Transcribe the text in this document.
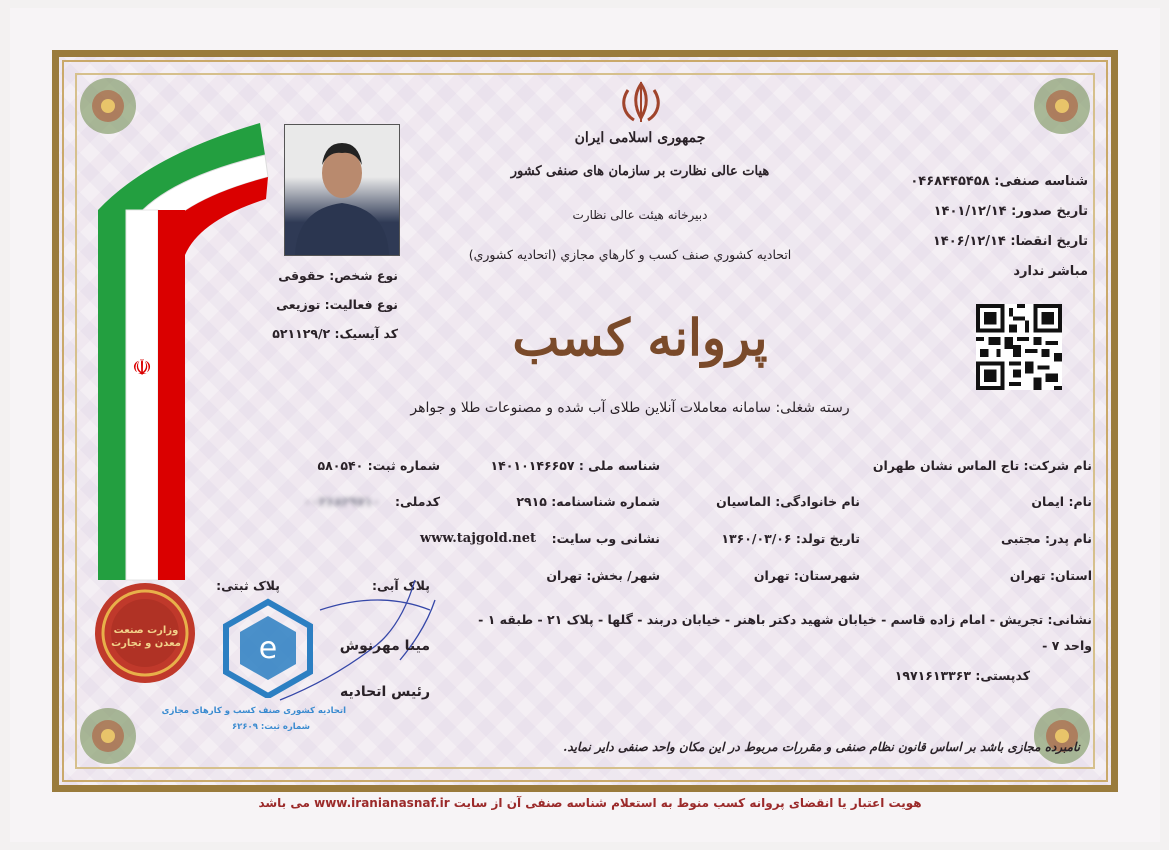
☫
وزارت صنعت معدن و تجارت
جمهوری اسلامی ایران
هیات عالی نظارت بر سازمان های صنفی کشور
دبیرخانه هیئت عالی نظارت
اتحاديه كشوري صنف كسب و كارهاي مجازي (اتحاديه كشوري)
پروانه کسب
رسته شغلی: سامانه معاملات آنلاین طلای آب شده و مصنوعات طلا و جواهر
نوع شخص: حقوقی
نوع فعالیت: توزیعی
کد آیسیک: ۵۲۱۱۲۹/۲
شناسه صنفی: ۰۴۶۸۴۴۵۴۵۸
تاریخ صدور: ۱۴۰۱/۱۲/۱۴
تاریخ انقضا: ۱۴۰۶/۱۲/۱۴
مباشر ندارد
نام شرکت: تاج الماس نشان طهران
شناسه ملی : ۱۴۰۱۰۱۴۶۶۵۷
شماره ثبت: ۵۸۰۵۴۰
نام: ایمان
نام خانوادگی: الماسیان
شماره شناسنامه: ۲۹۱۵
کدملی:
۰۰۲۶۸۲۹۷۱۰
نام پدر: مجتبی
تاریخ تولد: ۱۳۶۰/۰۳/۰۶
نشانی وب سایت:
www.tajgold.net
استان: تهران
شهرستان: تهران
شهر/ بخش: تهران
پلاک آبی:
پلاک ثبتی:
نشانی: تجریش - امام زاده قاسم - خیابان شهید دکتر باهنر - خیابان دربند - گلها - پلاک ۲۱ - طبقه ۱ -
واحد ۷ -
کدپستی: ۱۹۷۱۶۱۳۳۶۳
e
اتحادیه کشوری صنف کسب و کارهای مجازی
شماره ثبت: ۶۲۶۰۹
مینا مهرنوش
رئیس اتحادیه
نامبرده مجازی باشد بر اساس قانون نظام صنفی و مقررات مربوط در این مکان واحد صنفی دایر نماید.
هویت اعتبار یا انقضای پروانه کسب منوط به استعلام شناسه صنفی آن از سایت www.iranianasnaf.ir می باشد
